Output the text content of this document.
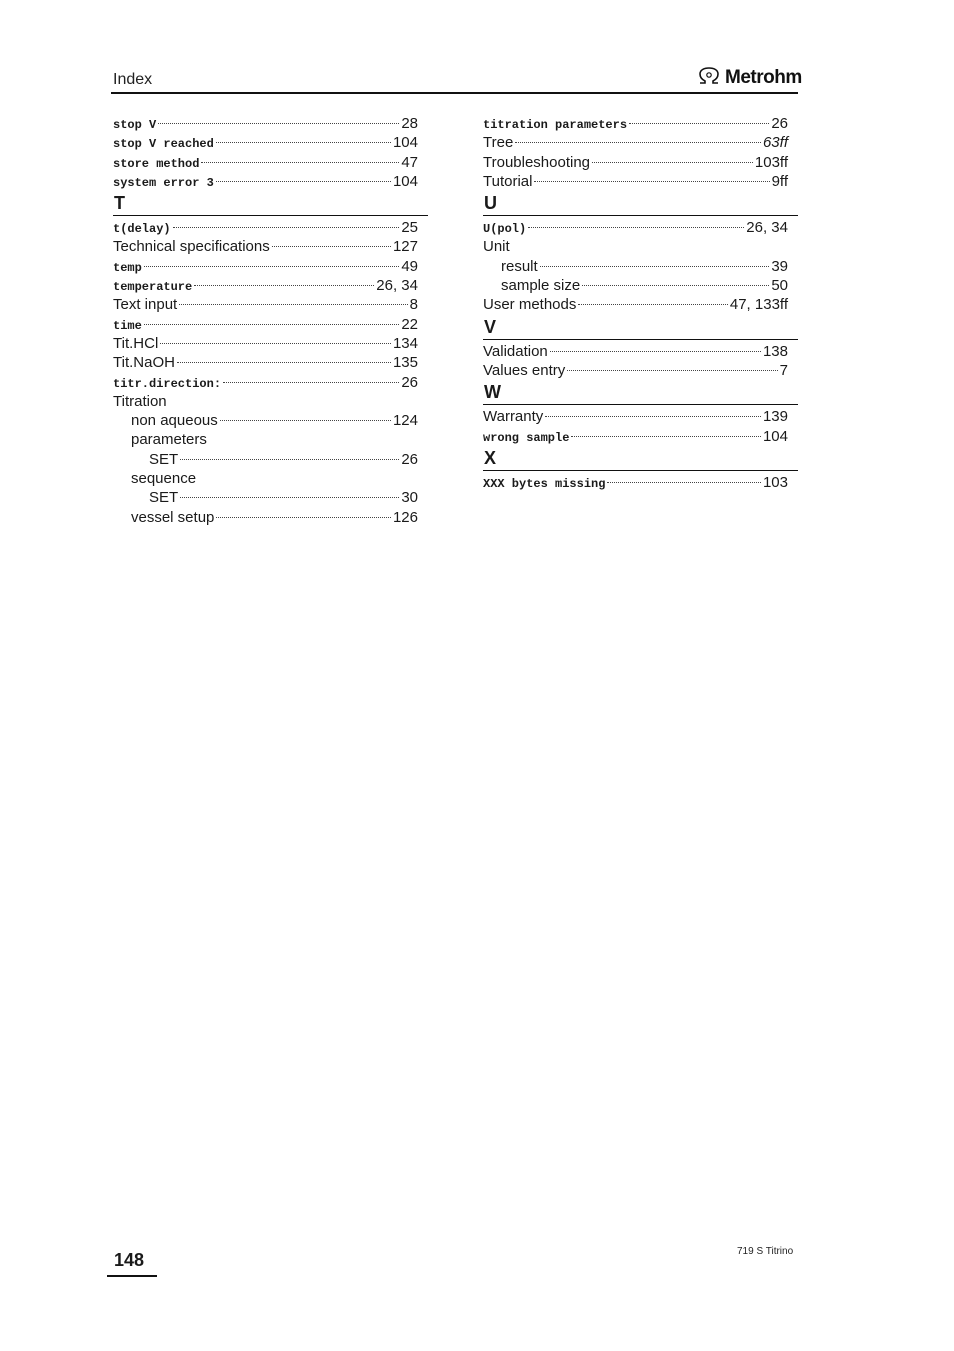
Index	Metrohm
stop V	28
stop V reached	104
store method	47
system error 3	104
T
t(delay)	25
Technical specifications	127
temp	49
temperature	26, 34
Text input	8
time	22
Tit.HCl	134
Tit.NaOH	135
titr.direction:	26
Titration
non aqueous	124
parameters
SET	26
sequence
SET	30
vessel setup	126
titration parameters	26
Tree	63ff
Troubleshooting	103ff
Tutorial	9ff
U
U(pol)	26, 34
Unit
result	39
sample size	50
User methods	47, 133ff
V
Validation	138
Values entry	7
W
Warranty	139
wrong sample	104
X
XXX bytes missing	103
148	719 S Titrino
